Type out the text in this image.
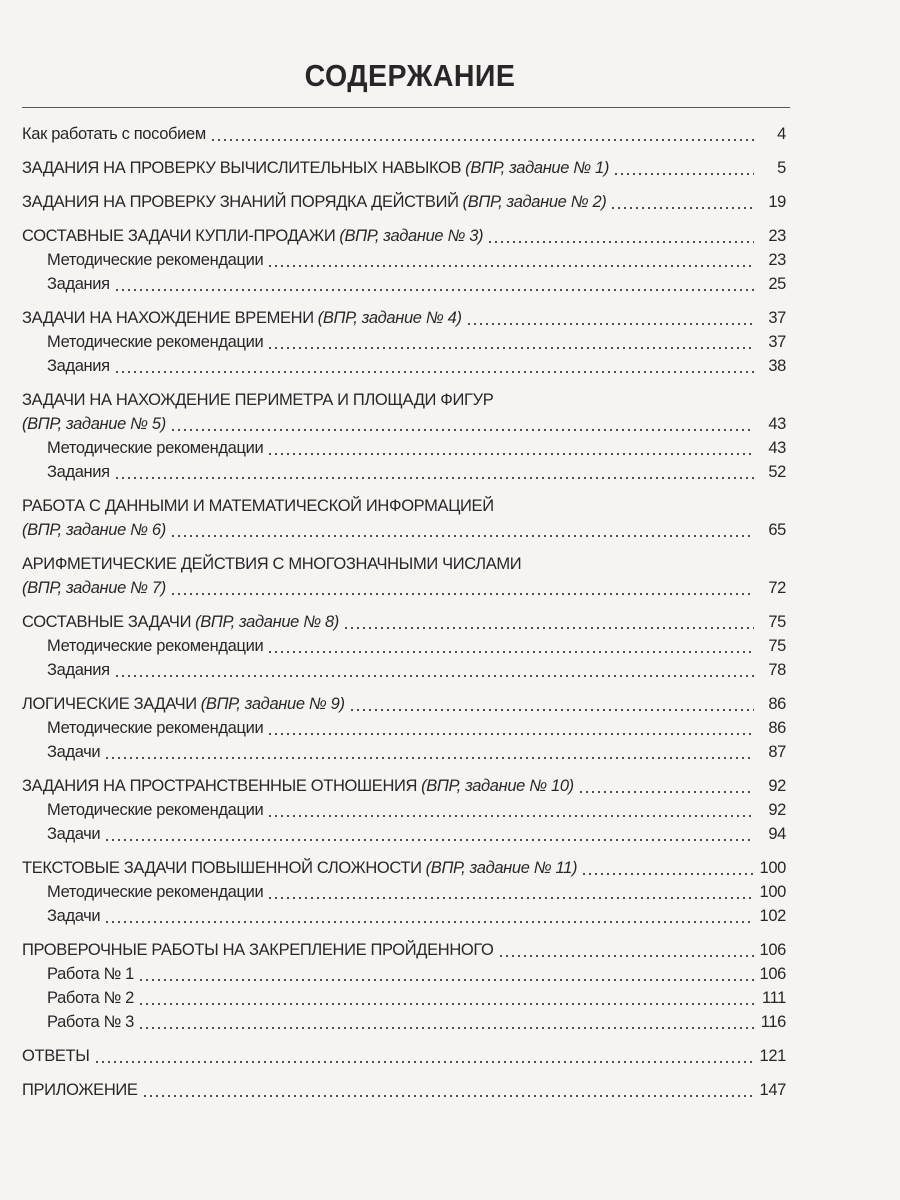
СОДЕРЖАНИЕ
Как работать с пособием	4
ЗАДАНИЯ НА ПРОВЕРКУ ВЫЧИСЛИТЕЛЬНЫХ НАВЫКОВ (ВПР, задание № 1)	5
ЗАДАНИЯ НА ПРОВЕРКУ ЗНАНИЙ ПОРЯДКА ДЕЙСТВИЙ (ВПР, задание № 2)	19
СОСТАВНЫЕ ЗАДАЧИ КУПЛИ-ПРОДАЖИ (ВПР, задание № 3)	23
Методические рекомендации	23
Задания	25
ЗАДАЧИ НА НАХОЖДЕНИЕ ВРЕМЕНИ (ВПР, задание № 4)	37
Методические рекомендации	37
Задания	38
ЗАДАЧИ НА НАХОЖДЕНИЕ ПЕРИМЕТРА И ПЛОЩАДИ ФИГУР
(ВПР, задание № 5)	43
Методические рекомендации	43
Задания	52
РАБОТА С ДАННЫМИ И МАТЕМАТИЧЕСКОЙ ИНФОРМАЦИЕЙ
(ВПР, задание № 6)	65
АРИФМЕТИЧЕСКИЕ ДЕЙСТВИЯ С МНОГОЗНАЧНЫМИ ЧИСЛАМИ
(ВПР, задание № 7)	72
СОСТАВНЫЕ ЗАДАЧИ (ВПР, задание № 8)	75
Методические рекомендации	75
Задания	78
ЛОГИЧЕСКИЕ ЗАДАЧИ (ВПР, задание № 9)	86
Методические рекомендации	86
Задачи	87
ЗАДАНИЯ НА ПРОСТРАНСТВЕННЫЕ ОТНОШЕНИЯ (ВПР, задание № 10)	92
Методические рекомендации	92
Задачи	94
ТЕКСТОВЫЕ ЗАДАЧИ ПОВЫШЕННОЙ СЛОЖНОСТИ (ВПР, задание № 11)	100
Методические рекомендации	100
Задачи	102
ПРОВЕРОЧНЫЕ РАБОТЫ НА ЗАКРЕПЛЕНИЕ ПРОЙДЕННОГО	106
Работа № 1	106
Работа № 2	111
Работа № 3	116
ОТВЕТЫ	121
ПРИЛОЖЕНИЕ	147
